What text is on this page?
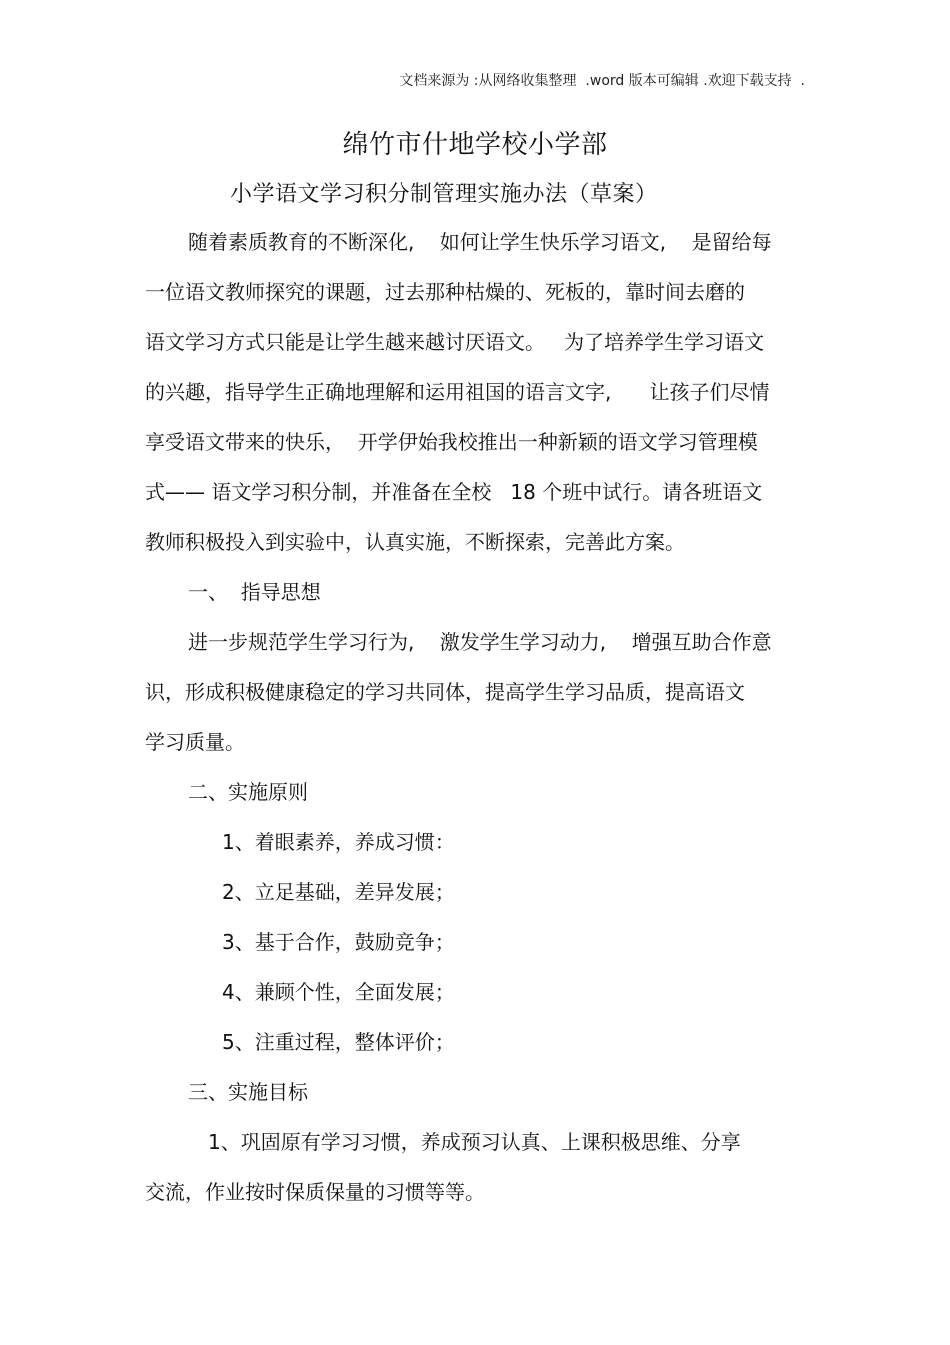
文档来源为 :从网络收集整理  .word 版本可编辑 .欢迎下载支持  .
绵竹市什地学校小学部
小学语文学习积分制管理实施办法（草案）
随着素质教育的不断深化,    如何让学生快乐学习语文,    是留给每
一位语文教师探究的课题，过去那种枯燥的、死板的，靠时间去磨的
语文学习方式只能是让学生越来越讨厌语文。   为了培养学生学习语文
的兴趣，指导学生正确地理解和运用祖国的语言文字,      让孩子们尽情
享受语文带来的快乐，  开学伊始我校推出一种新颖的语文学习管理模
式—— 语文学习积分制，并准备在全校   18 个班中试行。请各班语文
教师积极投入到实验中，认真实施，不断探索，完善此方案。
一、  指导思想
进一步规范学生学习行为,    激发学生学习动力,    增强互助合作意
识，形成积极健康稳定的学习共同体，提高学生学习品质，提高语文
学习质量。
二、实施原则
1、着眼素养，养成习惯：
2、立足基础，差异发展；
3、基于合作，鼓励竞争；
4、兼顾个性，全面发展；
5、注重过程，整体评价；
三、实施目标
1、巩固原有学习习惯，养成预习认真、上课积极思维、分享
交流，作业按时保质保量的习惯等等。
